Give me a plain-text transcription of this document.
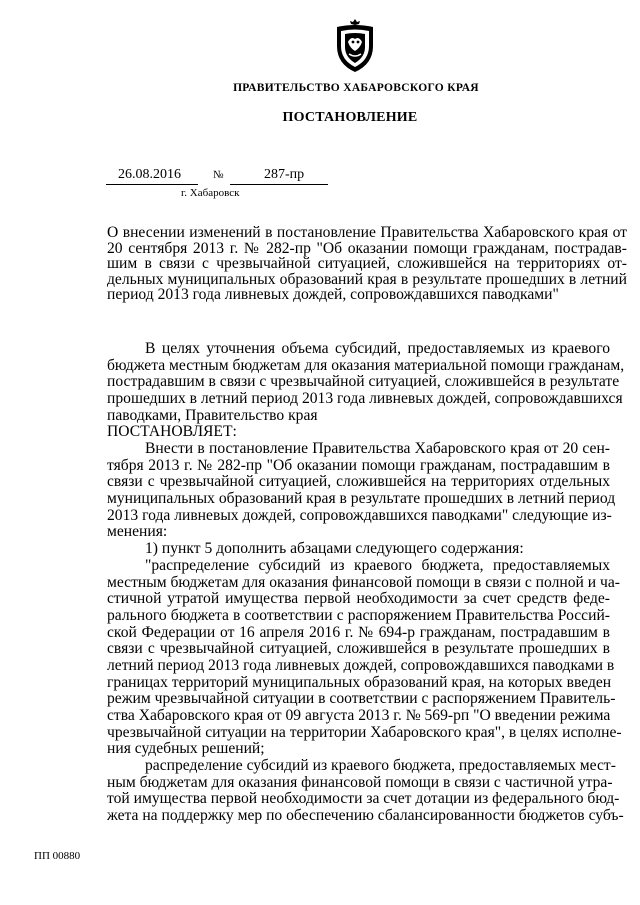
ПРАВИТЕЛЬСТВО ХАБАРОВСКОГО КРАЯ
ПОСТАНОВЛЕНИЕ
26.08.2016	№	287-пр
г. Хабаровск
О внесении изменений в постановление Правительства Хабаровского края от
20 сентября 2013 г. № 282-пр "Об оказании помощи гражданам, пострадав-
шим в связи с чрезвычайной ситуацией, сложившейся на территориях от-
дельных муниципальных образований края в результате прошедших в летний
период 2013 года ливневых дождей, сопровождавшихся паводками"
В целях уточнения объема субсидий, предоставляемых из краевого
бюджета местным бюджетам для оказания материальной помощи гражданам,
пострадавшим в связи с чрезвычайной ситуацией, сложившейся в результате
прошедших в летний период 2013 года ливневых дождей, сопровождавшихся
паводками, Правительство края
ПОСТАНОВЛЯЕТ:
Внести в постановление Правительства Хабаровского края от 20 сен-
тября 2013 г. № 282-пр "Об оказании помощи гражданам, пострадавшим в
связи с чрезвычайной ситуацией, сложившейся на территориях отдельных
муниципальных образований края в результате прошедших в летний период
2013 года ливневых дождей, сопровождавшихся паводками" следующие из-
менения:
1) пункт 5 дополнить абзацами следующего содержания:
"распределение субсидий из краевого бюджета, предоставляемых
местным бюджетам для оказания финансовой помощи в связи с полной и ча-
стичной утратой имущества первой необходимости за счет средств феде-
рального бюджета в соответствии с распоряжением Правительства Россий-
ской Федерации от 16 апреля 2016 г. № 694-р гражданам, пострадавшим в
связи с чрезвычайной ситуацией, сложившейся в результате прошедших в
летний период 2013 года ливневых дождей, сопровождавшихся паводками в
границах территорий муниципальных образований края, на которых введен
режим чрезвычайной ситуации в соответствии с распоряжением Правитель-
ства Хабаровского края от 09 августа 2013 г. № 569-рп "О введении режима
чрезвычайной ситуации на территории Хабаровского края", в целях исполне-
ния судебных решений;
распределение субсидий из краевого бюджета, предоставляемых мест-
ным бюджетам для оказания финансовой помощи в связи с частичной утра-
той имущества первой необходимости за счет дотации из федерального бюд-
жета на поддержку мер по обеспечению сбалансированности бюджетов субъ-
ПП 00880
